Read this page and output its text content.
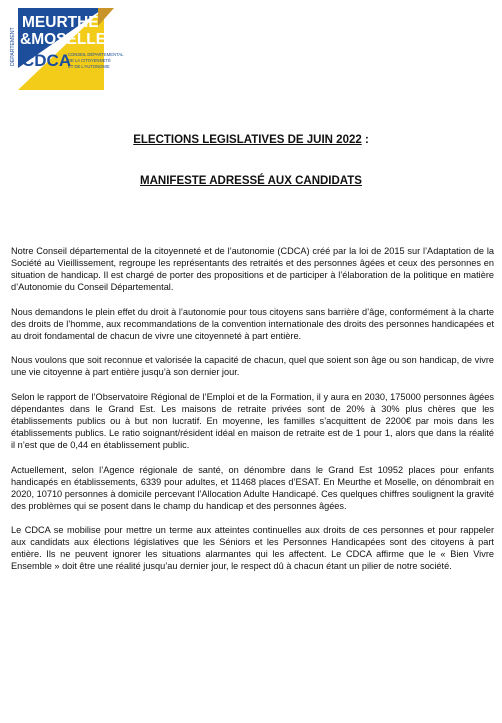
DÉPARTEMENT
MEURTHE
&MOSELLE
CDCA
CONSEIL DÉPARTEMENTAL
DE LA CITOYENNETÉ
ET DE L'AUTONOMIE

ELECTIONS LEGISLATIVES DE JUIN 2022 :

MANIFESTE ADRESSÉ AUX CANDIDATS

Notre Conseil départemental de la citoyenneté et de l’autonomie (CDCA) créé par la loi de 2015 sur l’Adaptation de la Société au Vieillissement, regroupe les représentants des retraités et des personnes âgées et ceux des personnes en situation de handicap. Il est chargé de porter des propositions et de participer à l’élaboration de la politique en matière d’Autonomie du Conseil Départemental.

Nous demandons le plein effet du droit à l’autonomie pour tous citoyens sans barrière d’âge, conformément à la charte des droits de l’homme, aux recommandations de la convention internationale des droits des personnes handicapées et au droit fondamental de chacun de vivre une citoyenneté à part entière.

Nous voulons que soit reconnue et valorisée la capacité de chacun, quel que soient son âge ou son handicap, de vivre une vie citoyenne à part entière jusqu’à son dernier jour.

Selon le rapport de l’Observatoire Régional de l’Emploi et de la Formation, il y aura en 2030, 175000 personnes âgées dépendantes dans le Grand Est. Les maisons de retraite privées sont de 20% à 30% plus chères que les établissements publics ou à but non lucratif. En moyenne, les familles s’acquittent de 2200€ par mois dans les établissements publics. Le ratio soignant/résident idéal en maison de retraite est de 1 pour 1, alors que dans la réalité il n’est que de 0,44 en établissement public.

Actuellement, selon l’Agence régionale de santé, on dénombre dans le Grand Est 10952 places pour enfants handicapés en établissements, 6339 pour adultes, et 11468 places d’ESAT. En Meurthe et Moselle, on dénombrait en 2020, 10710 personnes à domicile percevant l’Allocation Adulte Handicapé. Ces quelques chiffres soulignent la gravité des problèmes qui se posent dans le champ du handicap et des personnes âgées.

Le CDCA se mobilise pour mettre un terme aux atteintes continuelles aux droits de ces personnes et pour rappeler aux candidats aux élections législatives que les Séniors et les Personnes Handicapées sont des citoyens à part entière. Ils ne peuvent ignorer les situations alarmantes qui les affectent. Le CDCA affirme que le « Bien Vivre Ensemble » doit être une réalité jusqu’au dernier jour, le respect dû à chacun étant un pilier de notre société.
